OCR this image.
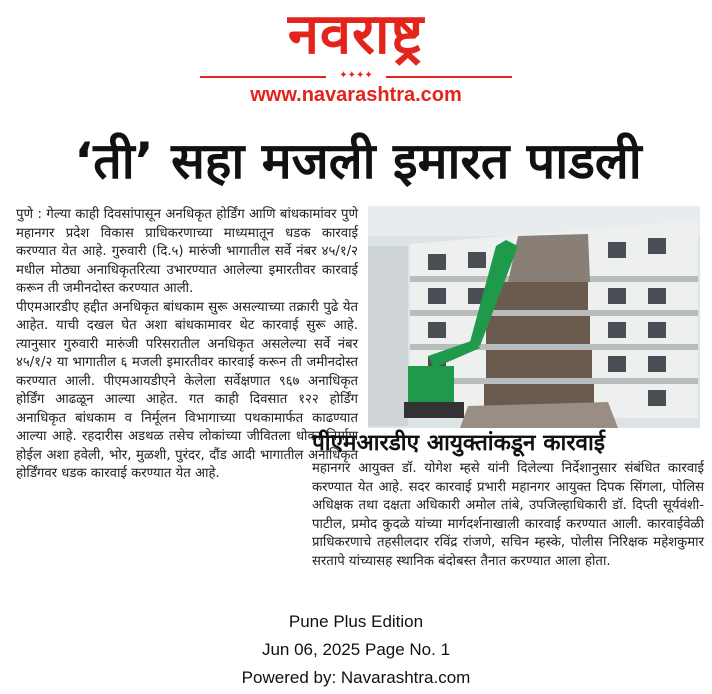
नवराष्ट्र
✦✦✦✦
www.navarashtra.com
‘ती’ सहा मजली इमारत पाडली

पुणे : गेल्या काही दिवसांपासून अनधिकृत होर्डिंग आणि बांधकामांवर पुणे महानगर प्रदेश विकास प्राधिकरणाच्या माध्यमातून धडक कारवाई करण्यात येत आहे. गुरुवारी (दि.५) मारुंजी भागातील सर्वे नंबर ४५/१/२ मधील मोठ्या अनाधिकृतरित्या उभारण्यात आलेल्या इमारतीवर कारवाई करून ती जमीनदोस्त करण्यात आली.

पीएमआरडीए हद्दीत अनधिकृत बांधकाम सुरू असल्याच्या तक्रारी पुढे येत आहेत. याची दखल घेत अशा बांधकामावर थेट कारवाई सुरू आहे. त्यानुसार गुरुवारी मारुंजी परिसरातील अनधिकृत असलेल्या सर्वे नंबर ४५/१/२ या भागातील ६ मजली इमारतीवर कारवाई करून ती जमीनदोस्त करण्यात आली. पीएमआयडीएने केलेला सर्वेक्षणात ९६७ अनाधिकृत होर्डिंग आढळून आल्या आहेत. गत काही दिवसात १२२ होर्डिंग अनाधिकृत बांधकाम व निर्मूलन विभागाच्या पथकामार्फत काढण्यात आल्या आहे. रहदारीस अडथळ तसेच लोकांच्या जीवितला धोका निर्माण होईल अशा हवेली, भोर, मुळशी, पुरंदर, दौंड आदी भागातील अनाधिकृत होर्डिंगवर धडक कारवाई करण्यात येत आहे.

पीएमआरडीए आयुक्तांकडून कारवाई
महानगर आयुक्त डॉ. योगेश म्हसे यांनी दिलेल्या निर्देशानुसार संबंधित कारवाई करण्यात येत आहे. सदर कारवाई प्रभारी महानगर आयुक्त दिपक सिंगला, पोलिस अधिक्षक तथा दक्षता अधिकारी अमोल तांबे, उपजिल्हाधिकारी डॉ. दिप्ती सूर्यवंशी-पाटील, प्रमोद कुदळे यांच्या मार्गदर्शनाखाली कारवाई करण्यात आली. कारवाईवेळी प्राधिकरणाचे तहसीलदार रविंद्र रांजणे, सचिन म्हस्के, पोलीस निरिक्षक महेशकुमार सरतापे यांच्यासह स्थानिक बंदोबस्त तैनात करण्यात आला होता.
Pune Plus Edition
Jun 06, 2025 Page No. 1
Powered by: Navarashtra.com
